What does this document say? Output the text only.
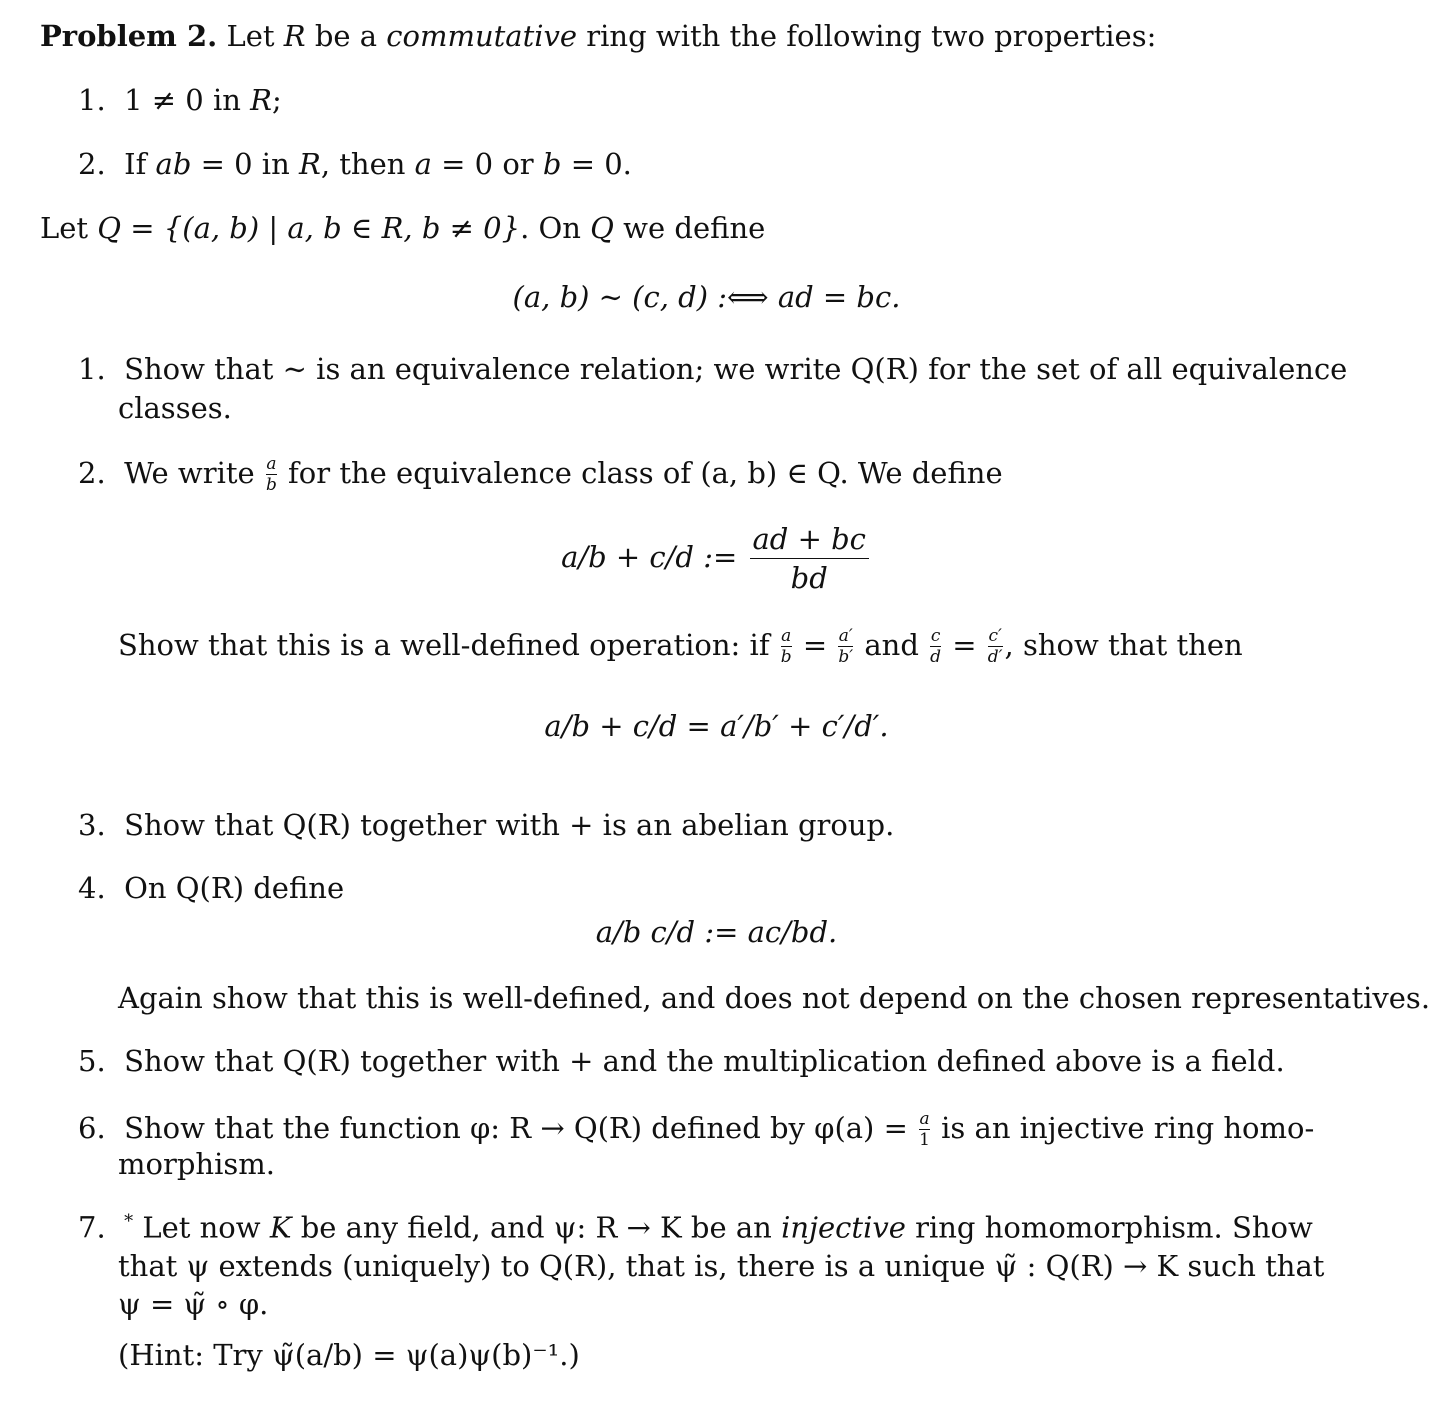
Problem 2. Let R be a commutative ring with the following two properties:
1. 1 ≠ 0 in R;
2. If ab = 0 in R, then a = 0 or b = 0.
Let Q = {(a, b) | a, b ∈ R, b ≠ 0}. On Q we define
(a, b) ∼ (c, d) :⟺ ad = bc.
1. Show that ∼ is an equivalence relation; we write Q(R) for the set of all equivalence
classes.
2. We write $\frac{a}{b}$ for the equivalence class of (a, b) ∈ Q. We define
a/b + c/d := $\frac{ad + bc}{bd}$
Show that this is a well-defined operation: if $\frac{a}{b} = \frac{a'}{b'}$ and $\frac{c}{d} = \frac{c'}{d'}$ , show that then
a/b + c/d = a′/b′ + c′/d′.
3. Show that Q(R) together with + is an abelian group.
4. On Q(R) define
a/b c/d := ac/bd.
Again show that this is well-defined, and does not depend on the chosen representatives.
5. Show that Q(R) together with + and the multiplication defined above is a field.
6. Show that the function φ: R → Q(R) defined by $\varphi(a) = \frac{a}{1}$ is an injective ring homo-
morphism.
7. * Let now K be any field, and ψ: R → K be an injective ring homomorphism. Show
that ψ extends (uniquely) to Q(R), that is, there is a unique ψ̃ : Q(R) → K such that
ψ = ψ̃ ∘ φ.
(Hint: Try ψ̃(a/b) = ψ(a)ψ(b)⁻¹.)
